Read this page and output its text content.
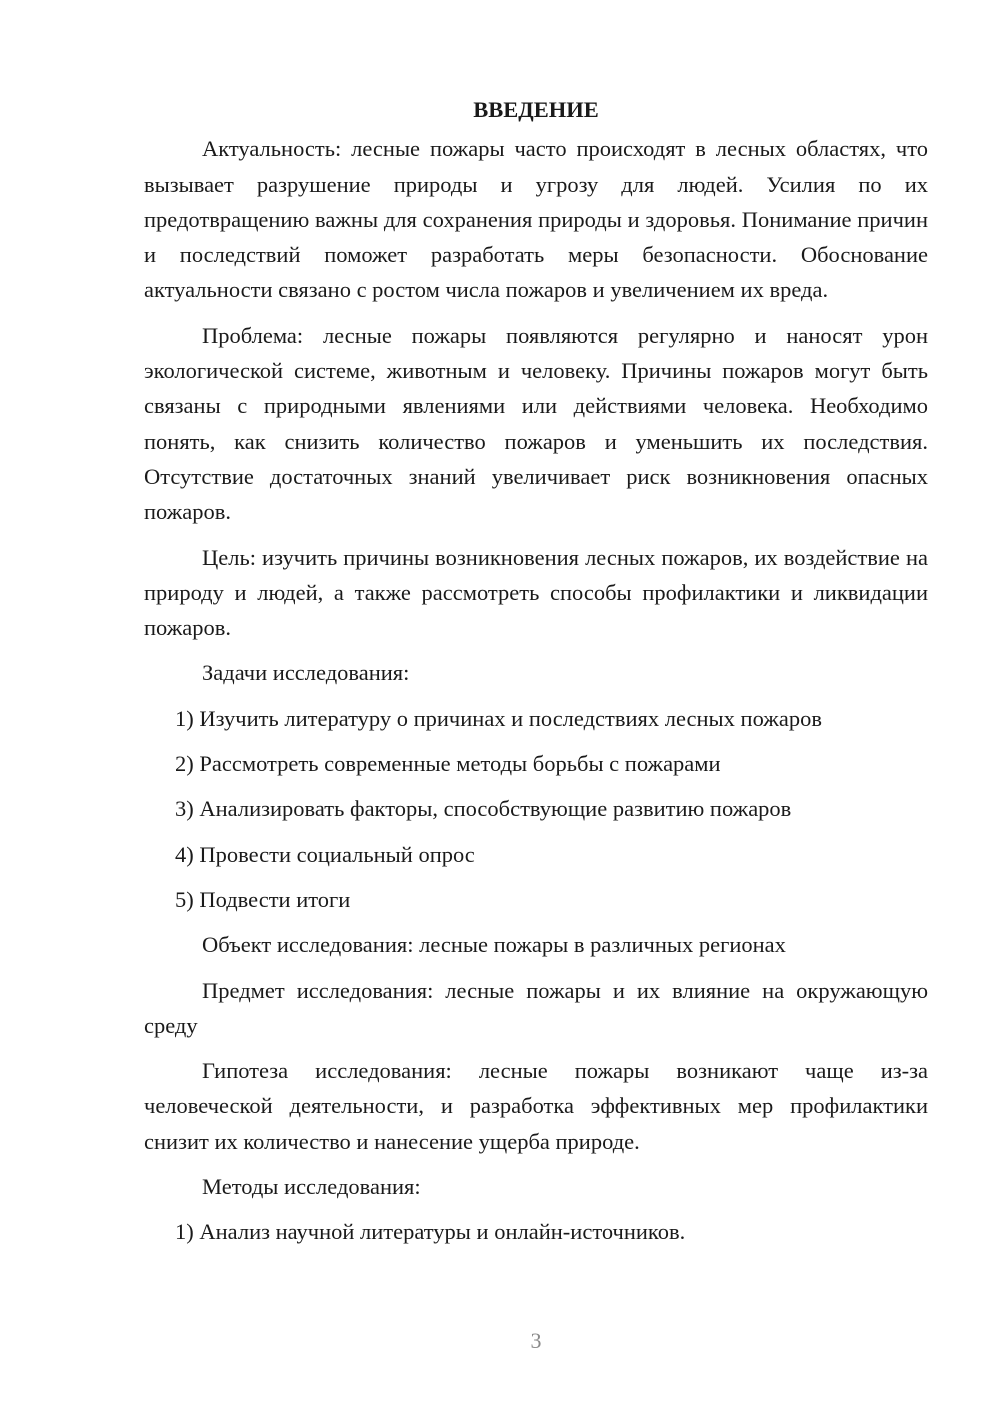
ВВЕДЕНИЕ

Актуальность: лесные пожары часто происходят в лесных областях, что вызывает разрушение природы и угрозу для людей. Усилия по их предотвращению важны для сохранения природы и здоровья. Понимание причин и последствий поможет разработать меры безопасности. Обоснование актуальности связано с ростом числа пожаров и увеличением их вреда.

Проблема: лесные пожары появляются регулярно и наносят урон экологической системе, животным и человеку. Причины пожаров могут быть связаны с природными явлениями или действиями человека. Необходимо понять, как снизить количество пожаров и уменьшить их последствия. Отсутствие достаточных знаний увеличивает риск возникновения опасных пожаров.

Цель: изучить причины возникновения лесных пожаров, их воздействие на природу и людей, а также рассмотреть способы профилактики и ликвидации пожаров.

Задачи исследования:

1) Изучить литературу о причинах и последствиях лесных пожаров

2) Рассмотреть современные методы борьбы с пожарами

3) Анализировать факторы, способствующие развитию пожаров

4) Провести социальный опрос

5) Подвести итоги

Объект исследования: лесные пожары в различных регионах

Предмет исследования: лесные пожары и их влияние на окружающую среду

Гипотеза исследования: лесные пожары возникают чаще из-за человеческой деятельности, и разработка эффективных мер профилактики снизит их количество и нанесение ущерба природе.

Методы исследования:

1) Анализ научной литературы и онлайн-источников.

3
